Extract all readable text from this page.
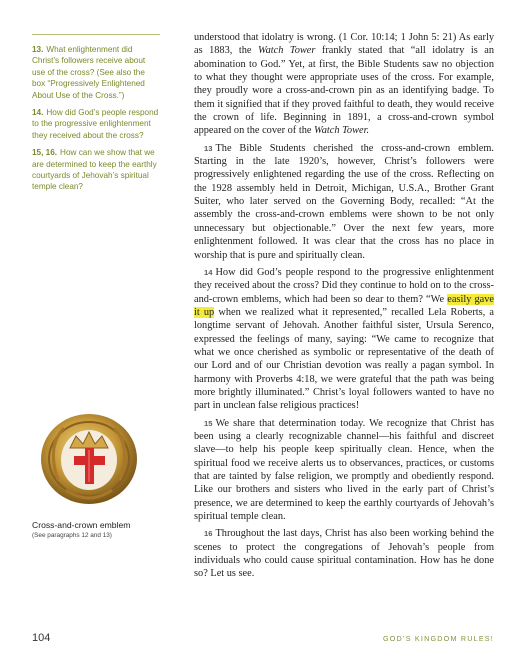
13. What enlightenment did Christ’s followers receive about use of the cross? (See also the box “Progressively Enlightened About Use of the Cross.”)

14. How did God’s people respond to the progressive enlightenment they received about the cross?

15, 16. How can we show that we are determined to keep the earthly courtyards of Jehovah’s spiritual temple clean?

Cross-and-crown emblem
(See paragraphs 12 and 13)

understood that idolatry is wrong. (1 Cor. 10:14; 1 John 5: 21) As early as 1883, the Watch Tower frankly stated that “all idolatry is an abomination to God.” Yet, at first, the Bible Students saw no objection to what they thought were appropriate uses of the cross. For example, they proudly wore a cross-and-crown pin as an identifying badge. To them it signified that if they proved faithful to death, they would receive the crown of life. Beginning in 1891, a cross-and-crown symbol appeared on the cover of the Watch Tower.

13 The Bible Students cherished the cross-and-crown emblem. Starting in the late 1920’s, however, Christ’s followers were progressively enlightened regarding the use of the cross. Reflecting on the 1928 assembly held in Detroit, Michigan, U.S.A., Brother Grant Suiter, who later served on the Governing Body, recalled: “At the assembly the cross-and-crown emblems were shown to be not only unnecessary but objectionable.” Over the next few years, more enlightenment followed. It was clear that the cross has no place in worship that is pure and spiritually clean.

14 How did God’s people respond to the progressive enlightenment they received about the cross? Did they continue to hold on to the cross-and-crown emblems, which had been so dear to them? “We easily gave it up when we realized what it represented,” recalled Lela Roberts, a longtime servant of Jehovah. Another faithful sister, Ursula Serenco, expressed the feelings of many, saying: “We came to recognize that what we once cherished as symbolic or representative of the death of our Lord and of our Christian devotion was really a pagan symbol. In harmony with Proverbs 4:18, we were grateful that the path was being more brightly illuminated.” Christ’s loyal followers wanted to have no part in unclean false religious practices!

15 We share that determination today. We recognize that Christ has been using a clearly recognizable channel—his faithful and discreet slave—to help his people keep spiritually clean. Hence, when the spiritual food we receive alerts us to observances, practices, or customs that are tainted by false religion, we promptly and obediently respond. Like our brothers and sisters who lived in the early part of Christ’s presence, we are determined to keep the earthly courtyards of Jehovah’s spiritual temple clean.

16 Throughout the last days, Christ has also been working behind the scenes to protect the congregations of Jehovah’s people from individuals who could cause spiritual contamination. How has he done so? Let us see.

104	GOD’S KINGDOM RULES!
